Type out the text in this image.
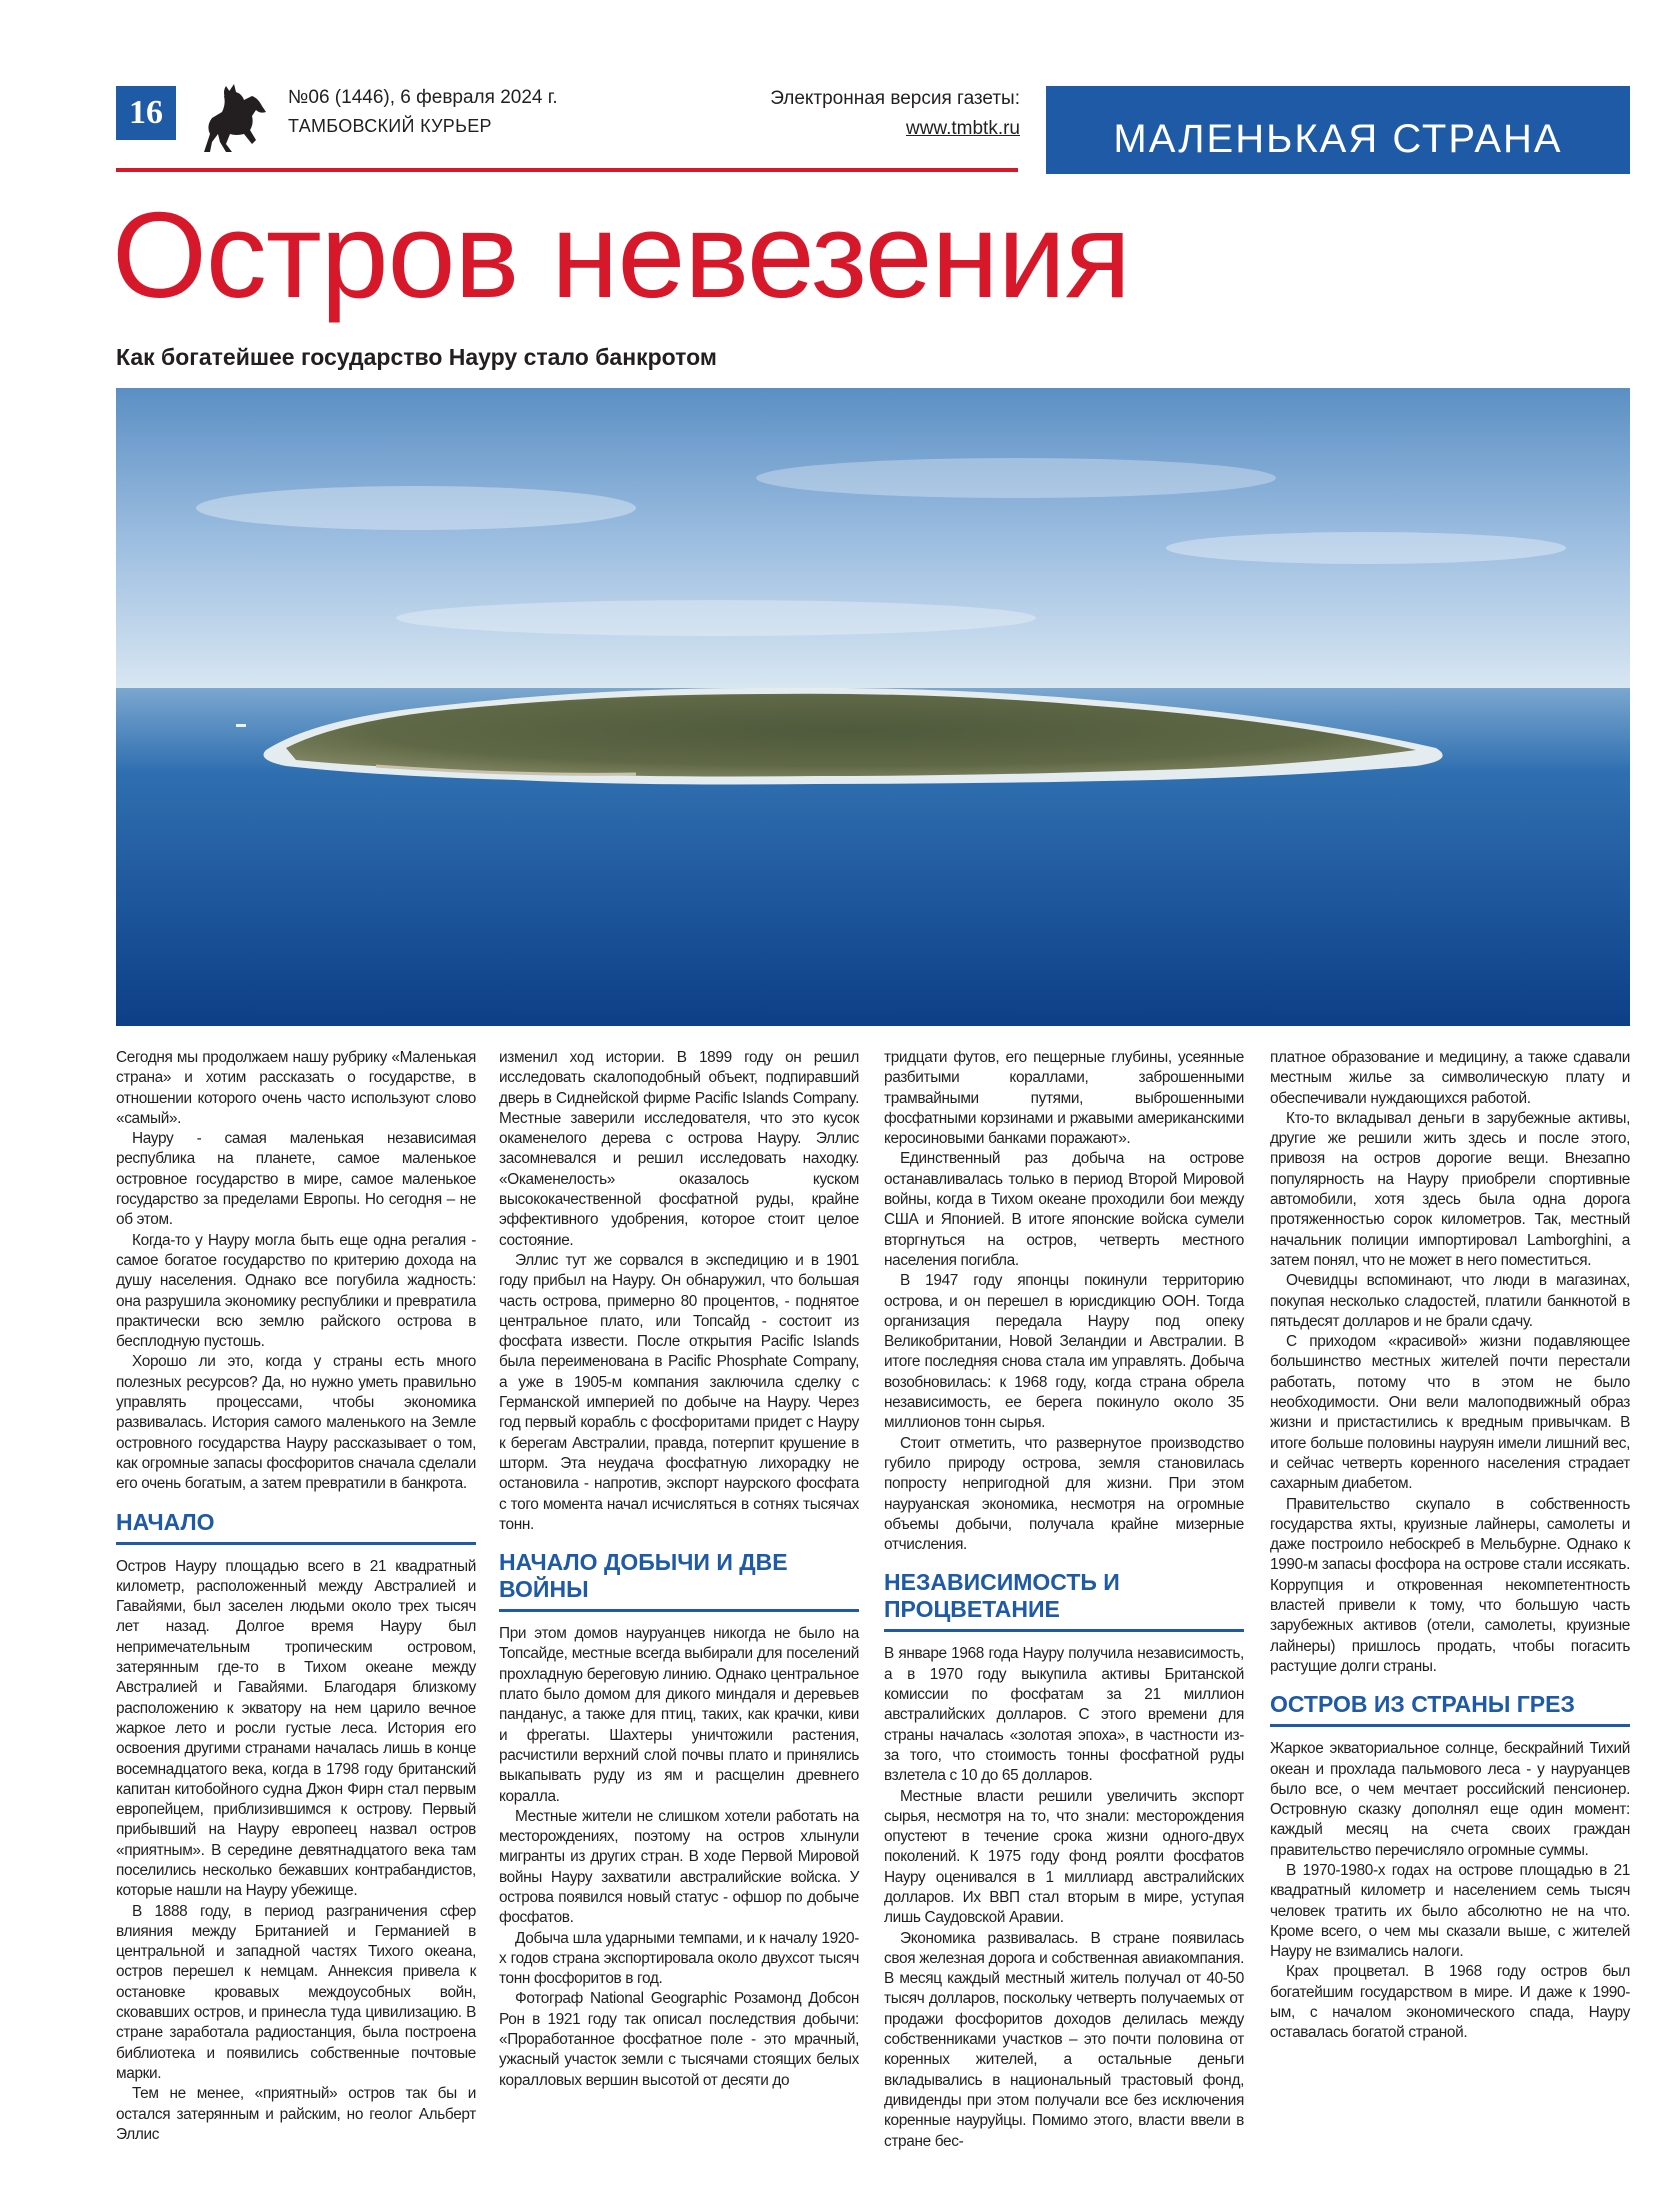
16	№06 (1446), 6 февраля 2024 г.
ТАМБОВСКИЙ КУРЬЕР
Электронная версия газеты:
www.tmbtk.ru	МАЛЕНЬКАЯ СТРАНА
Остров невезения
Как богатейшее государство Науру стало банкротом

Сегодня мы продолжаем нашу рубрику «Маленькая страна» и хотим рассказать о государстве, в отношении которого очень часто используют слово «самый».

Науру - самая маленькая независимая республика на планете, самое маленькое островное государство в мире, самое маленькое государство за пределами Европы. Но сегодня – не об этом.

Когда-то у Науру могла быть еще одна регалия - самое богатое государство по критерию дохода на душу населения. Однако все погубила жадность: она разрушила экономику республики и превратила практически всю землю райского острова в бесплодную пустошь.

Хорошо ли это, когда у страны есть много полезных ресурсов? Да, но нужно уметь правильно управлять процессами, чтобы экономика развивалась. История самого маленького на Земле островного государства Науру рассказывает о том, как огромные запасы фосфоритов сначала сделали его очень богатым, а затем превратили в банкрота.

НАЧАЛО

Остров Науру площадью всего в 21 квадратный километр, расположенный между Австралией и Гавайями, был заселен людьми около трех тысяч лет назад. Долгое время Науру был непримечательным тропическим островом, затерянным где-то в Тихом океане между Австралией и Гавайями. Благодаря близкому расположению к экватору на нем царило вечное жаркое лето и росли густые леса. История его освоения другими странами началась лишь в конце восемнадцатого века, когда в 1798 году британский капитан китобойного судна Джон Фирн стал первым европейцем, приблизившимся к острову. Первый прибывший на Науру европеец назвал остров «приятным». В середине девятнадцатого века там поселились несколько бежавших контрабандистов, которые нашли на Науру убежище.

В 1888 году, в период разграничения сфер влияния между Британией и Германией в центральной и западной частях Тихого океана, остров перешел к немцам. Аннексия привела к остановке кровавых междоусобных войн, сковавших остров, и принесла туда цивилизацию. В стране заработала радиостанция, была построена библиотека и появились собственные почтовые марки.

Тем не менее, «приятный» остров так бы и остался затерянным и райским, но геолог Альберт Эллис

изменил ход истории. В 1899 году он решил исследовать скалоподобный объект, подпиравший дверь в Сиднейской фирме Pacific Islands Company. Местные заверили исследователя, что это кусок окаменелого дерева с острова Науру. Эллис засомневался и решил исследовать находку. «Окаменелость» оказалось куском высококачественной фосфатной руды, крайне эффективного удобрения, которое стоит целое состояние.

Эллис тут же сорвался в экспедицию и в 1901 году прибыл на Науру. Он обнаружил, что большая часть острова, примерно 80 процентов, - поднятое центральное плато, или Топсайд - состоит из фосфата извести. После открытия Pacific Islands была переименована в Pacific Phosphate Company, а уже в 1905-м компания заключила сделку с Германской империей по добыче на Науру. Через год первый корабль с фосфоритами придет с Науру к берегам Австралии, правда, потерпит крушение в шторм. Эта неудача фосфатную лихорадку не остановила - напротив, экспорт наурского фосфата с того момента начал исчисляться в сотнях тысячах тонн.

НАЧАЛО ДОБЫЧИ И ДВЕ ВОЙНЫ

При этом домов науруанцев никогда не было на Топсайде, местные всегда выбирали для поселений прохладную береговую линию. Однако центральное плато было домом для дикого миндаля и деревьев панданус, а также для птиц, таких, как крачки, киви и фрегаты. Шахтеры уничтожили растения, расчистили верхний слой почвы плато и принялись выкапывать руду из ям и расщелин древнего коралла.

Местные жители не слишком хотели работать на месторождениях, поэтому на остров хлынули мигранты из других стран. В ходе Первой Мировой войны Науру захватили австралийские войска. У острова появился новый статус - офшор по добыче фосфатов.

Добыча шла ударными темпами, и к началу 1920-х годов страна экспортировала около двухсот тысяч тонн фосфоритов в год.

Фотограф National Geographic Розамонд Добсон Рон в 1921 году так описал последствия добычи: «Проработанное фосфатное поле - это мрачный, ужасный участок земли с тысячами стоящих белых коралловых вершин высотой от десяти до

тридцати футов, его пещерные глубины, усеянные разбитыми кораллами, заброшенными трамвайными путями, выброшенными фосфатными корзинами и ржавыми американскими керосиновыми банками поражают».

Единственный раз добыча на острове останавливалась только в период Второй Мировой войны, когда в Тихом океане проходили бои между США и Японией. В итоге японские войска сумели вторгнуться на остров, четверть местного населения погибла.

В 1947 году японцы покинули территорию острова, и он перешел в юрисдикцию ООН. Тогда организация передала Науру под опеку Великобритании, Новой Зеландии и Австралии. В итоге последняя снова стала им управлять. Добыча возобновилась: к 1968 году, когда страна обрела независимость, ее берега покинуло около 35 миллионов тонн сырья.

Стоит отметить, что развернутое производство губило природу острова, земля становилась попросту непригодной для жизни. При этом науруанская экономика, несмотря на огромные объемы добычи, получала крайне мизерные отчисления.

НЕЗАВИСИМОСТЬ И ПРОЦВЕТАНИЕ

В январе 1968 года Науру получила независимость, а в 1970 году выкупила активы Британской комиссии по фосфатам за 21 миллион австралийских долларов. С этого времени для страны началась «золотая эпоха», в частности из-за того, что стоимость тонны фосфатной руды взлетела с 10 до 65 долларов.

Местные власти решили увеличить экспорт сырья, несмотря на то, что знали: месторождения опустеют в течение срока жизни одного-двух поколений. К 1975 году фонд роялти фосфатов Науру оценивался в 1 миллиард австралийских долларов. Их ВВП стал вторым в мире, уступая лишь Саудовской Аравии.

Экономика развивалась. В стране появилась своя железная дорога и собственная авиакомпания. В месяц каждый местный житель получал от 40-50 тысяч долларов, поскольку четверть получаемых от продажи фосфоритов доходов делилась между собственниками участков – это почти половина от коренных жителей, а остальные деньги вкладывались в национальный трастовый фонд, дивиденды при этом получали все без исключения коренные науруйцы. Помимо этого, власти ввели в стране бес-

платное образование и медицину, а также сдавали местным жилье за символическую плату и обеспечивали нуждающихся работой.

Кто-то вкладывал деньги в зарубежные активы, другие же решили жить здесь и после этого, привозя на остров дорогие вещи. Внезапно популярность на Науру приобрели спортивные автомобили, хотя здесь была одна дорога протяженностью сорок километров. Так, местный начальник полиции импортировал Lamborghini, а затем понял, что не может в него поместиться.

Очевидцы вспоминают, что люди в магазинах, покупая несколько сладостей, платили банкнотой в пятьдесят долларов и не брали сдачу.

С приходом «красивой» жизни подавляющее большинство местных жителей почти перестали работать, потому что в этом не было необходимости. Они вели малоподвижный образ жизни и пристастились к вредным привычкам. В итоге больше половины науруян имели лишний вес, и сейчас четверть коренного населения страдает сахарным диабетом.

Правительство скупало в собственность государства яхты, круизные лайнеры, самолеты и даже построило небоскреб в Мельбурне. Однако к 1990-м запасы фосфора на острове стали иссякать. Коррупция и откровенная некомпетентность властей привели к тому, что большую часть зарубежных активов (отели, самолеты, круизные лайнеры) пришлось продать, чтобы погасить растущие долги страны.

ОСТРОВ ИЗ СТРАНЫ ГРЕЗ

Жаркое экваториальное солнце, бескрайний Тихий океан и прохлада пальмового леса - у науруанцев было все, о чем мечтает российский пенсионер. Островную сказку дополнял еще один момент: каждый месяц на счета своих граждан правительство перечисляло огромные суммы.

В 1970-1980-х годах на острове площадью в 21 квадратный километр и населением семь тысяч человек тратить их было абсолютно не на что. Кроме всего, о чем мы сказали выше, с жителей Науру не взимались налоги.

Крах процветал. В 1968 году остров был богатейшим государством в мире. И даже к 1990-ым, с началом экономического спада, Науру оставалась богатой страной.
